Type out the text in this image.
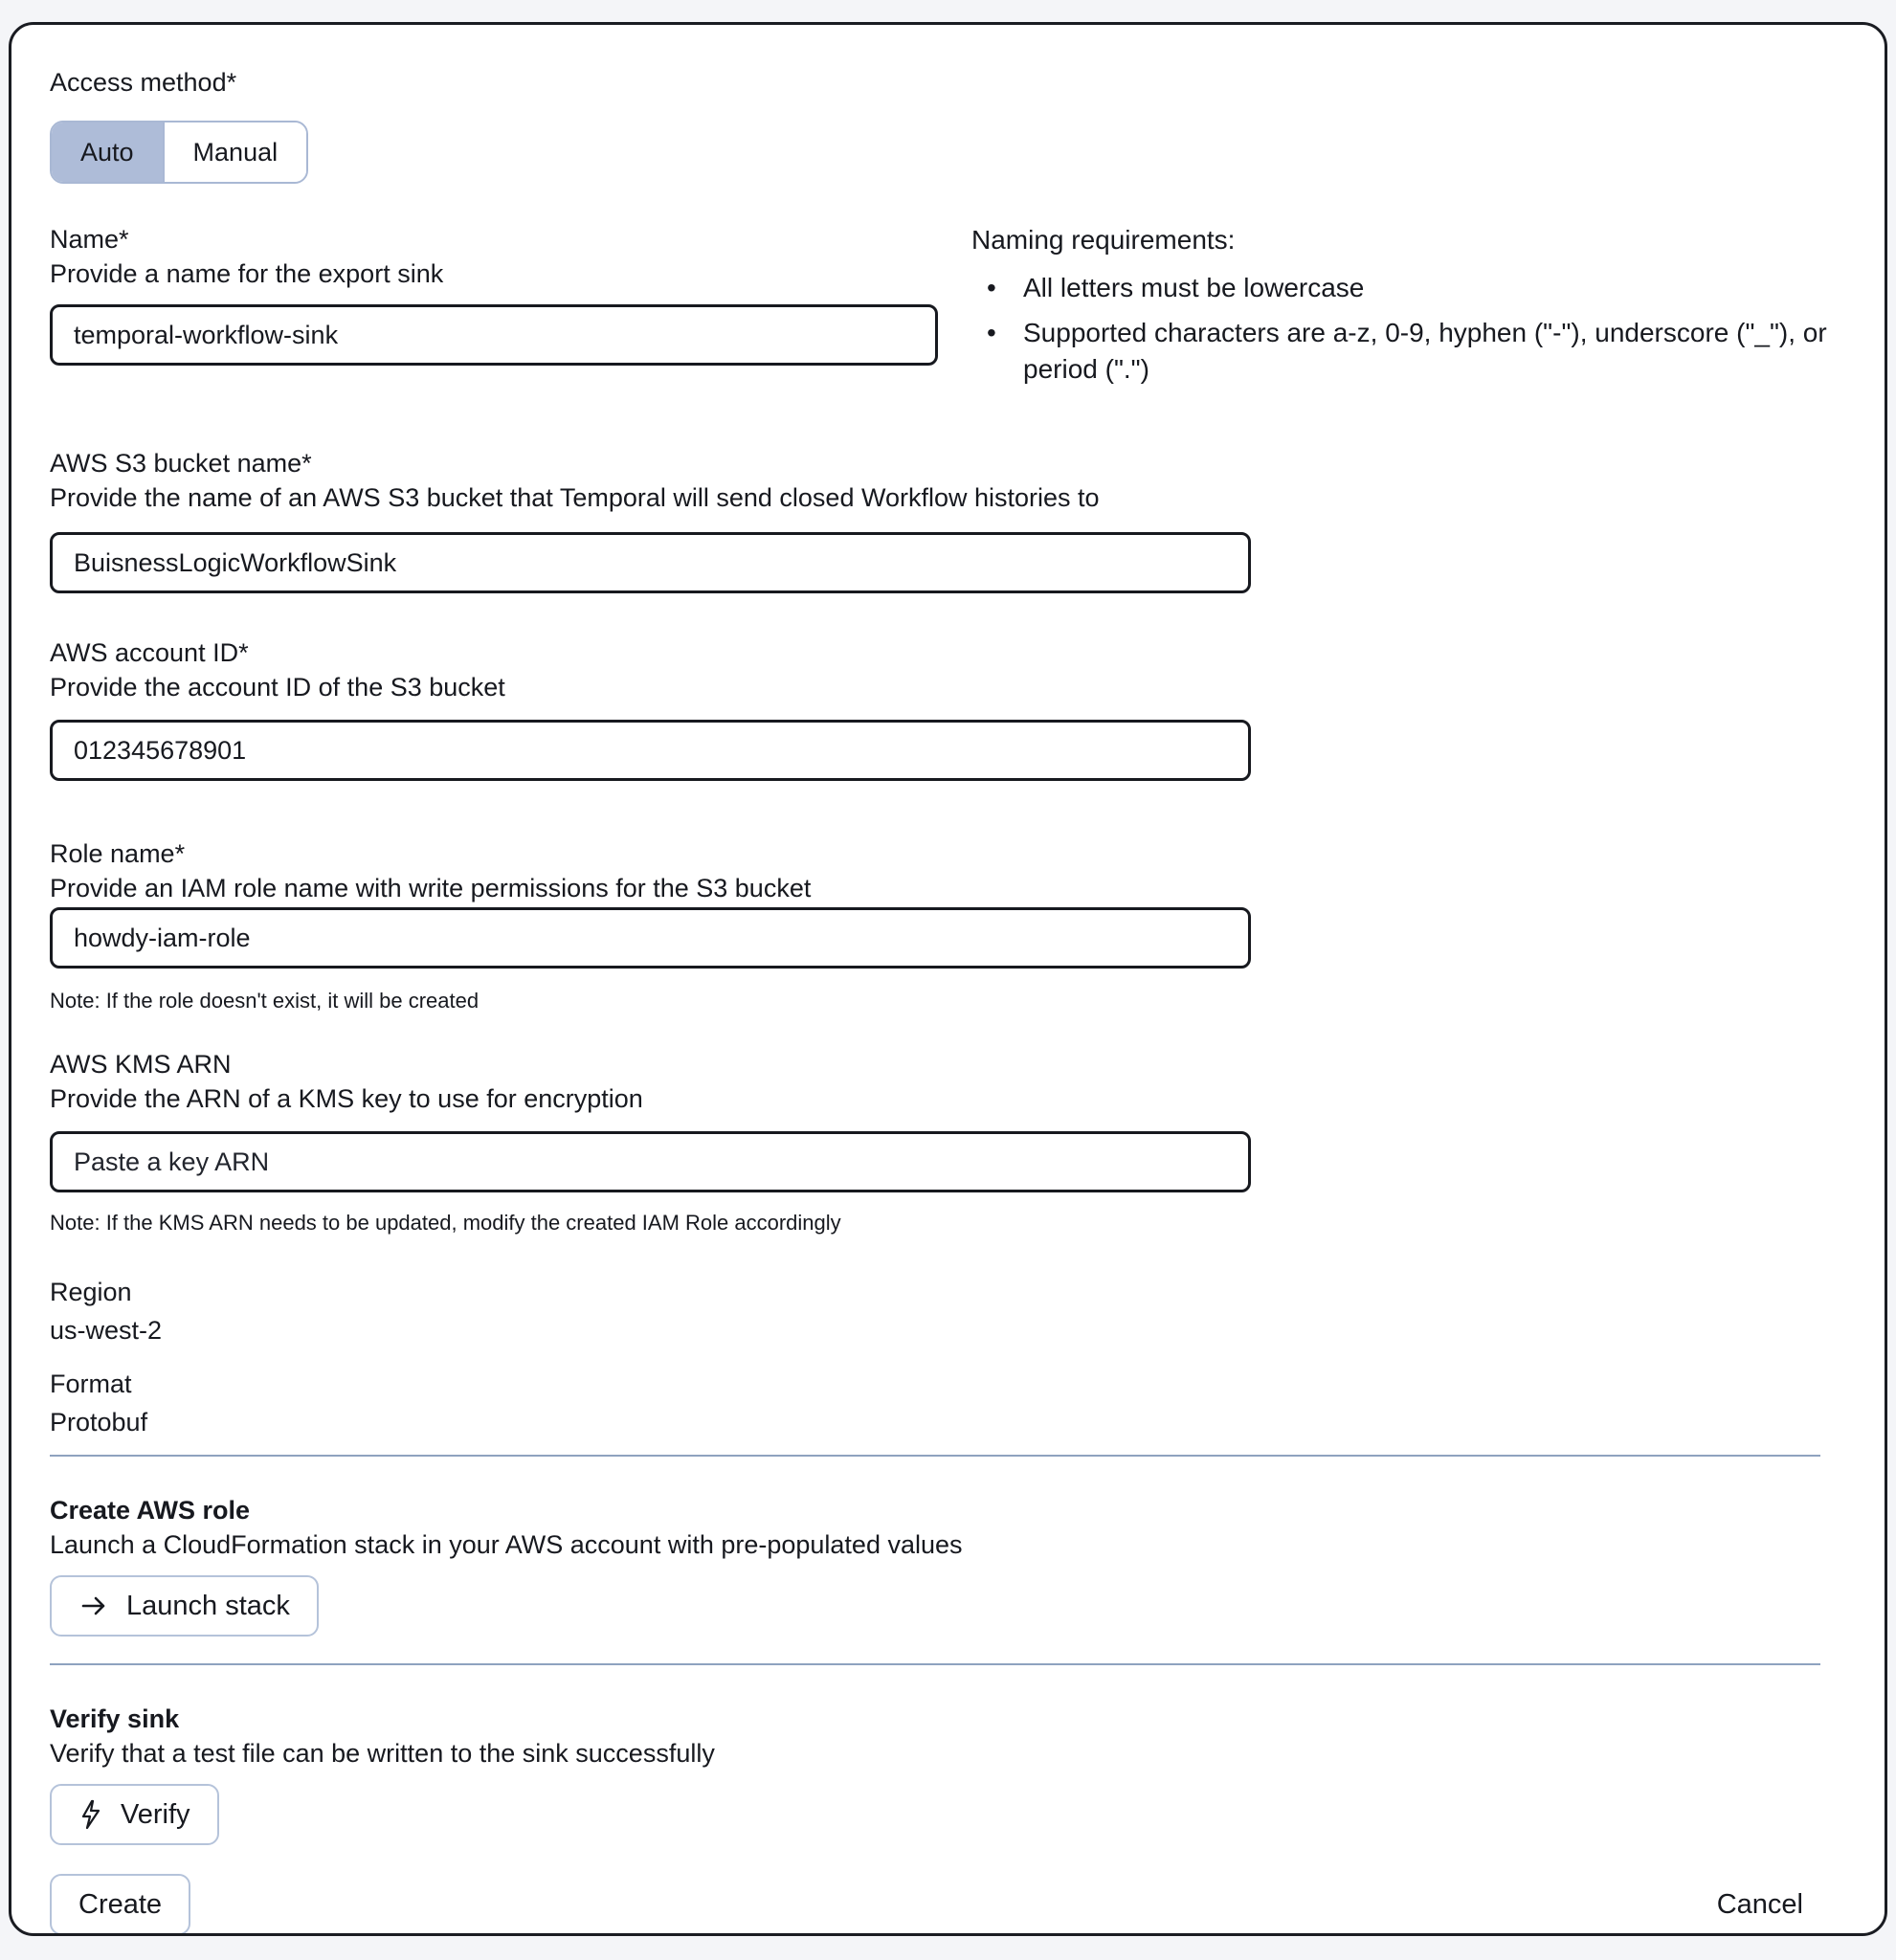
Access method*
Auto	Manual
Name*
Provide a name for the export sink
temporal-workflow-sink
Naming requirements:
•	All letters must be lowercase
•	Supported characters are a-z, 0-9, hyphen ("-"), underscore ("_"), or period (".")
AWS S3 bucket name*
Provide the name of an AWS S3 bucket that Temporal will send closed Workflow histories to
BuisnessLogicWorkflowSink
AWS account ID*
Provide the account ID of the S3 bucket
012345678901
Role name*
Provide an IAM role name with write permissions for the S3 bucket
howdy-iam-role
Note: If the role doesn't exist, it will be created
AWS KMS ARN
Provide the ARN of a KMS key to use for encryption
Paste a key ARN
Note: If the KMS ARN needs to be updated, modify the created IAM Role accordingly
Region
us-west-2
Format
Protobuf
Create AWS role
Launch a CloudFormation stack in your AWS account with pre-populated values
Launch stack
Verify sink
Verify that a test file can be written to the sink successfully
Verify
Create	Cancel
